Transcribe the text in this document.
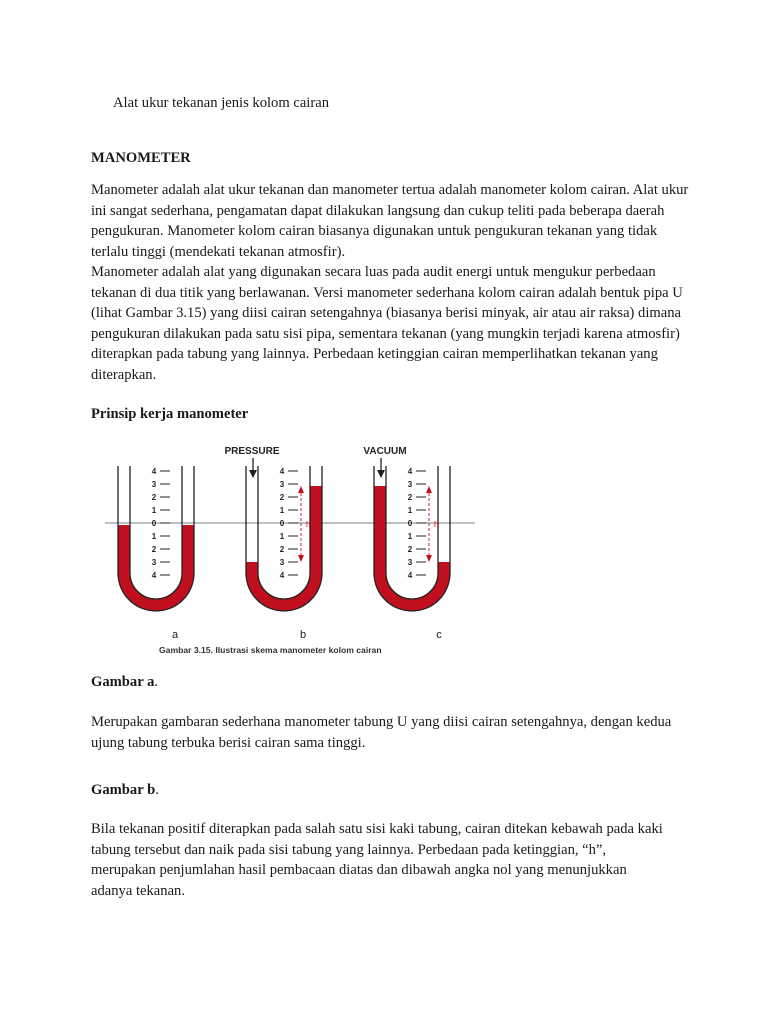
Alat ukur tekanan jenis kolom cairan
MANOMETER
Manometer adalah alat ukur tekanan dan manometer tertua adalah manometer kolom cairan. Alat ukur ini sangat sederhana, pengamatan dapat dilakukan langsung dan cukup teliti pada beberapa daerah pengukuran. Manometer kolom cairan biasanya digunakan untuk pengukuran tekanan yang tidak terlalu tinggi (mendekati tekanan atmosfir).
Manometer adalah alat yang digunakan secara luas pada audit energi untuk mengukur perbedaan tekanan di dua titik yang berlawanan. Versi manometer sederhana kolom cairan adalah bentuk pipa U (lihat Gambar 3.15) yang diisi cairan setengahnya (biasanya berisi minyak, air atau air raksa) dimana pengukuran dilakukan pada satu sisi pipa, sementara tekanan (yang mungkin terjadi karena atmosfir) diterapkan pada tabung yang lainnya. Perbedaan ketinggian cairan memperlihatkan tekanan yang diterapkan.
Prinsip kerja manometer
PRESSURE	VACUUM
4
3
2
1
0
1
2
3
4
4
3
2
1
0
1
2
3
4
h
4
3
2
1
0
1
2
3
4
h
a	b	c
Gambar 3.15. Ilustrasi skema manometer kolom cairan
Gambar a.
Merupakan gambaran sederhana manometer tabung U yang diisi cairan setengahnya, dengan kedua ujung tabung terbuka berisi cairan sama tinggi.
Gambar b.
Bila tekanan positif diterapkan pada salah satu sisi kaki tabung, cairan ditekan kebawah pada kaki tabung tersebut dan naik pada sisi tabung yang lainnya. Perbedaan pada ketinggian, “h”, merupakan penjumlahan hasil pembacaan diatas dan dibawah angka nol yang menunjukkan adanya tekanan.
